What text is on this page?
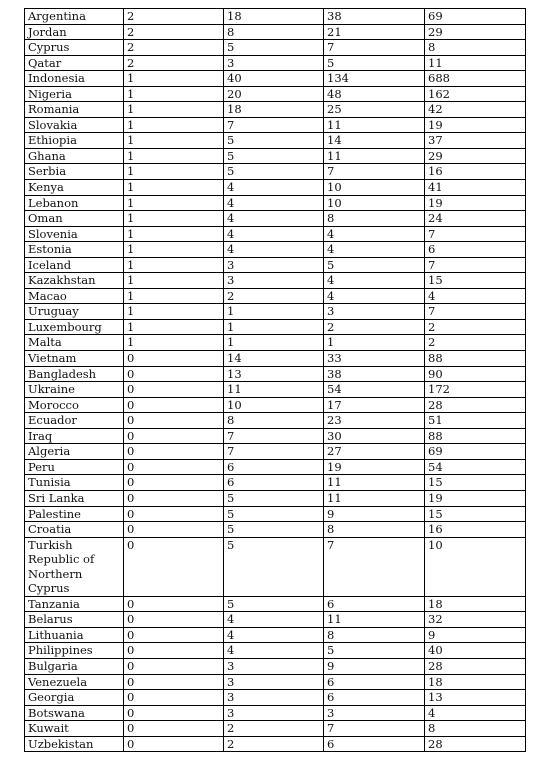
Argentina	2	18	38	69
Jordan	2	8	21	29
Cyprus	2	5	7	8
Qatar	2	3	5	11
Indonesia	1	40	134	688
Nigeria	1	20	48	162
Romania	1	18	25	42
Slovakia	1	7	11	19
Ethiopia	1	5	14	37
Ghana	1	5	11	29
Serbia	1	5	7	16
Kenya	1	4	10	41
Lebanon	1	4	10	19
Oman	1	4	8	24
Slovenia	1	4	4	7
Estonia	1	4	4	6
Iceland	1	3	5	7
Kazakhstan	1	3	4	15
Macao	1	2	4	4
Uruguay	1	1	3	7
Luxembourg	1	1	2	2
Malta	1	1	1	2
Vietnam	0	14	33	88
Bangladesh	0	13	38	90
Ukraine	0	11	54	172
Morocco	0	10	17	28
Ecuador	0	8	23	51
Iraq	0	7	30	88
Algeria	0	7	27	69
Peru	0	6	19	54
Tunisia	0	6	11	15
Sri Lanka	0	5	11	19
Palestine	0	5	9	15
Croatia	0	5	8	16
Turkish Republic of Northern Cyprus	0	5	7	10
Tanzania	0	5	6	18
Belarus	0	4	11	32
Lithuania	0	4	8	9
Philippines	0	4	5	40
Bulgaria	0	3	9	28
Venezuela	0	3	6	18
Georgia	0	3	6	13
Botswana	0	3	3	4
Kuwait	0	2	7	8
Uzbekistan	0	2	6	28
